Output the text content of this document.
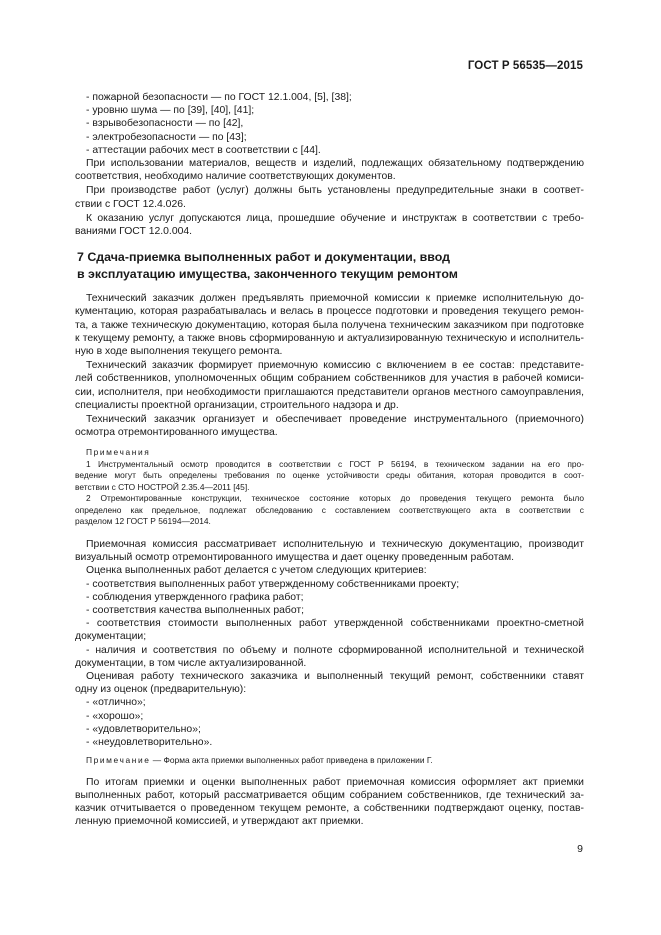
ГОСТ Р 56535—2015

- пожарной безопасности — по ГОСТ 12.1.004, [5], [38];

- уровню шума — по [39], [40], [41];

- взрывобезопасности — по [42],

- электробезопасности — по [43];

- аттестации рабочих мест в соответствии с [44].

При использовании материалов, веществ и изделий, подлежащих обязательному подтверждению

соответствия, необходимо наличие соответствующих документов.

При производстве работ (услуг) должны быть установлены предупредительные знаки в соответ-

ствии с ГОСТ 12.4.026.

К оказанию услуг допускаются лица, прошедшие обучение и инструктаж в соответствии с требо-

ваниями ГОСТ 12.0.004.

7 Сдача-приемка выполненных работ и документации, ввод
в эксплуатацию имущества, законченного текущим ремонтом

Технический заказчик должен предъявлять приемочной комиссии к приемке исполнительную до-

кументацию, которая разрабатывалась и велась в процессе подготовки и проведения текущего ремон-

та, а также техническую документацию, которая была получена техническим заказчиком при подготовке

к текущему ремонту, а также вновь сформированную и актуализированную техническую и исполнитель-

ную в ходе выполнения текущего ремонта.

Технический заказчик формирует приемочную комиссию с включением в ее состав: представите-

лей собственников, уполномоченных общим собранием собственников для участия в рабочей комиси-

сии, исполнителя, при необходимости приглашаются представители органов местного самоуправления,

специалисты проектной организации, строительного надзора и др.

Технический заказчик организует и обеспечивает проведение инструментального (приемочного)

осмотра отремонтированного имущества.

Примечания

1 Инструментальный осмотр проводится в соответствии с ГОСТ Р 56194, в техническом задании на его про-

ведение могут быть определены требования по оценке устойчивости среды обитания, которая проводится в соот-

ветствии с СТО НОСТРОЙ 2.35.4—2011 [45].

2 Отремонтированные конструкции, техническое состояние которых до проведения текущего ремонта было

определено как предельное, подлежат обследованию с составлением соответствующего акта в соответствии с

разделом 12 ГОСТ Р 56194—2014.

Приемочная комиссия рассматривает исполнительную и техническую документацию, производит

визуальный осмотр отремонтированного имущества и дает оценку проведенным работам.

Оценка выполненных работ делается с учетом следующих критериев:

- соответствия выполненных работ утвержденному собственниками проекту;

- соблюдения утвержденного графика работ;

- соответствия качества выполненных работ;

- соответствия стоимости выполненных работ утвержденной собственниками проектно-сметной

документации;

- наличия и соответствия по объему и полноте сформированной исполнительной и технической

документации, в том числе актуализированной.

Оценивая работу технического заказчика и выполненный текущий ремонт, собственники ставят

одну из оценок (предварительную):

- «отлично»;

- «хорошо»;

- «удовлетворительно»;

- «неудовлетворительно».

Примечание — Форма акта приемки выполненных работ приведена в приложении Г.

По итогам приемки и оценки выполненных работ приемочная комиссия оформляет акт приемки

выполненных работ, который рассматривается общим собранием собственников, где технический за-

казчик отчитывается о проведенном текущем ремонте, а собственники подтверждают оценку, постав-

ленную приемочной комиссией, и утверждают акт приемки.

9
